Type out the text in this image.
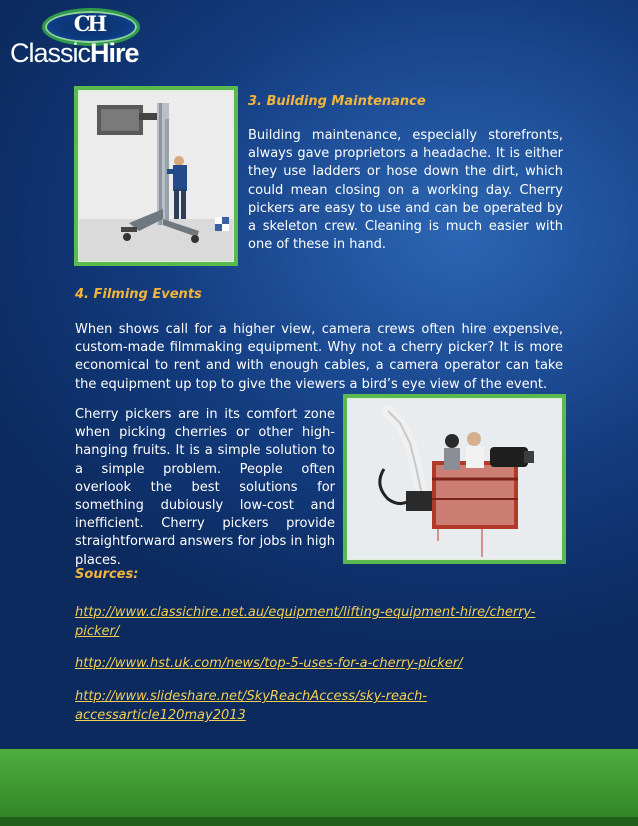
CH
ClassicHire
3. Building Maintenance

Building maintenance, especially storefronts, always gave proprietors a headache. It is either they use ladders or hose down the dirt, which could mean closing on a working day. Cherry pickers are easy to use and can be operated by a skeleton crew. Cleaning is much easier with one of these in hand.

4. Filming Events

When shows call for a higher view, camera crews often hire expensive, custom-made filmmaking equipment. Why not a cherry picker? It is more economical to rent and with enough cables, a camera operator can take the equipment up top to give the viewers a bird’s eye view of the event.

Cherry pickers are in its comfort zone when picking cherries or other high-hanging fruits. It is a simple solution to a simple problem. People often overlook the best solutions for something dubiously low-cost and inefficient. Cherry pickers provide straightforward answers for jobs in high places.

Sources:
http://www.classichire.net.au/equipment/lifting-equipment-hire/cherry-picker/
http://www.hst.uk.com/news/top-5-uses-for-a-cherry-picker/
http://www.slideshare.net/SkyReachAccess/sky-reach-accessarticle120may2013
